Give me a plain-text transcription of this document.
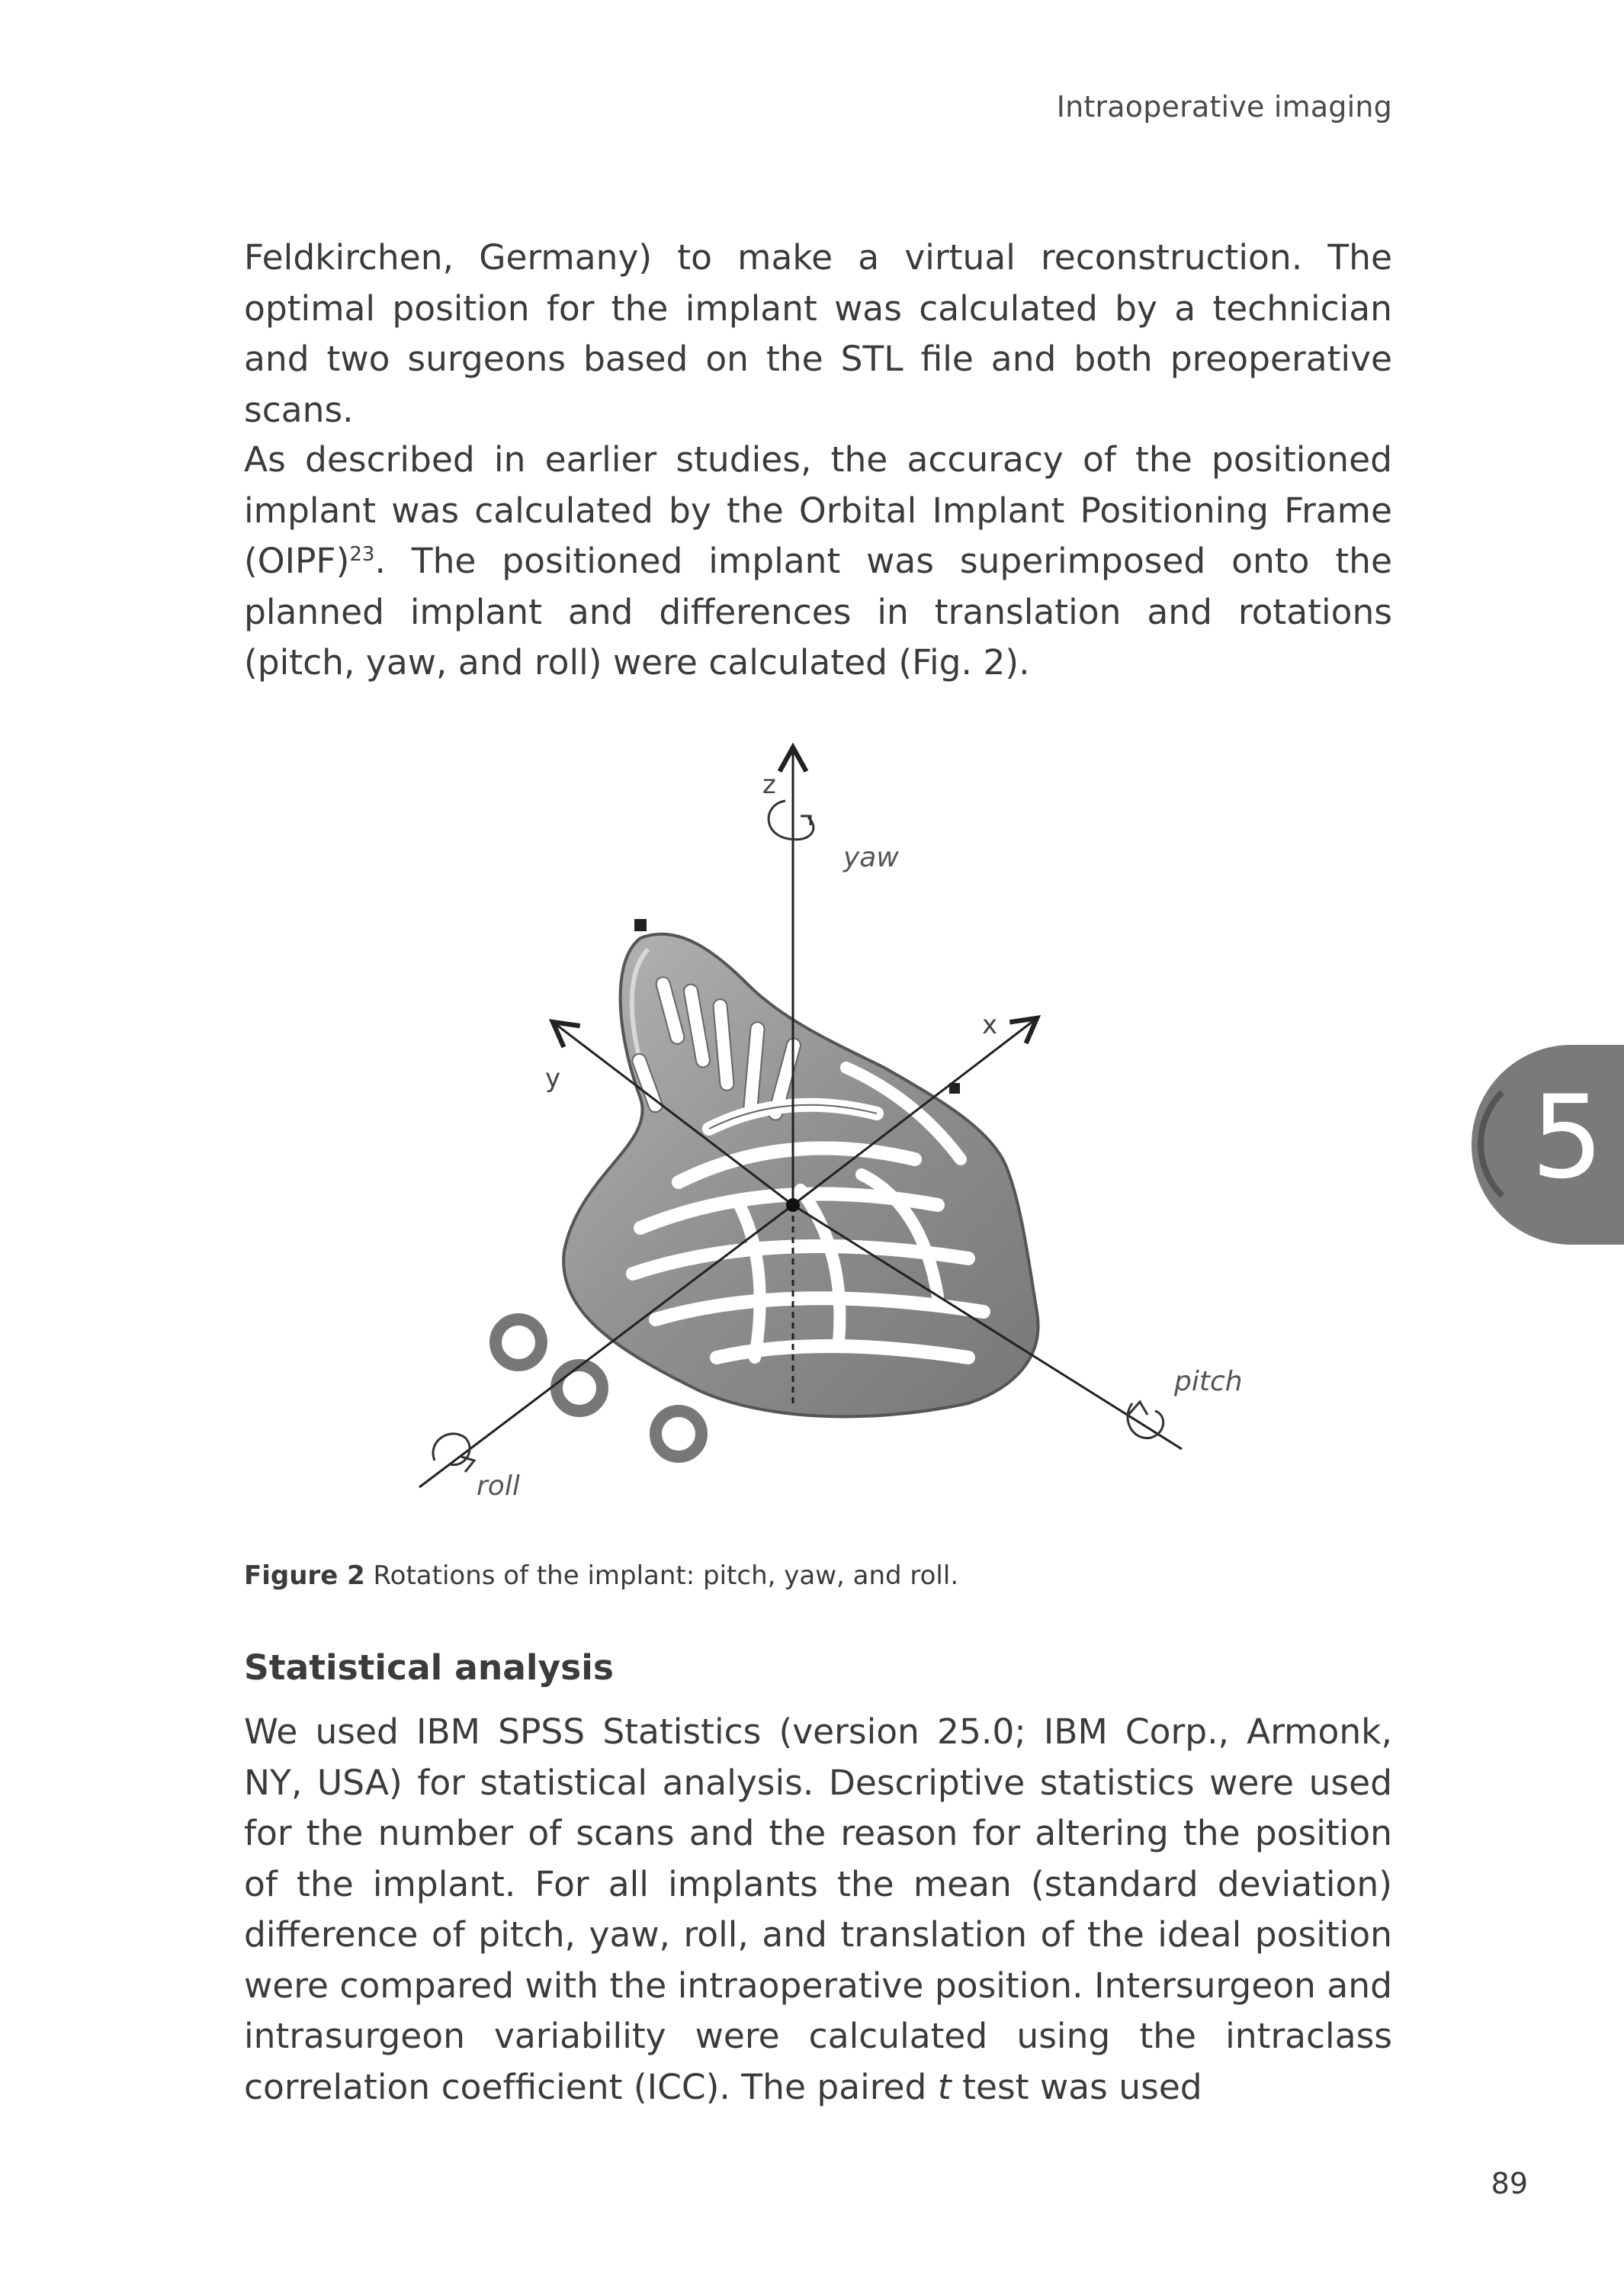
Intraoperative imaging

Feldkirchen, Germany) to make a virtual reconstruction. The optimal position for the implant was calculated by a technician and two surgeons based on the STL file and both preoperative scans.

As described in earlier studies, the accuracy of the positioned implant was calculated by the Orbital Implant Positioning Frame (OIPF)$^{23}$. The positioned implant was superimposed onto the planned implant and differences in translation and rotations (pitch, yaw, and roll) were calculated (Fig. 2).

z
y
x
yaw
pitch
roll

Figure 2 Rotations of the implant: pitch, yaw, and roll.

Statistical analysis

We used IBM SPSS Statistics (version 25.0; IBM Corp., Armonk, NY, USA) for statistical analysis. Descriptive statistics were used for the number of scans and the reason for altering the position of the implant. For all implants the mean (standard deviation) difference of pitch, yaw, roll, and translation of the ideal position were compared with the intraoperative position. Intersurgeon and intrasurgeon variability were calculated using the intraclass correlation coefﬁcient (ICC). The paired t test was used

5
89
